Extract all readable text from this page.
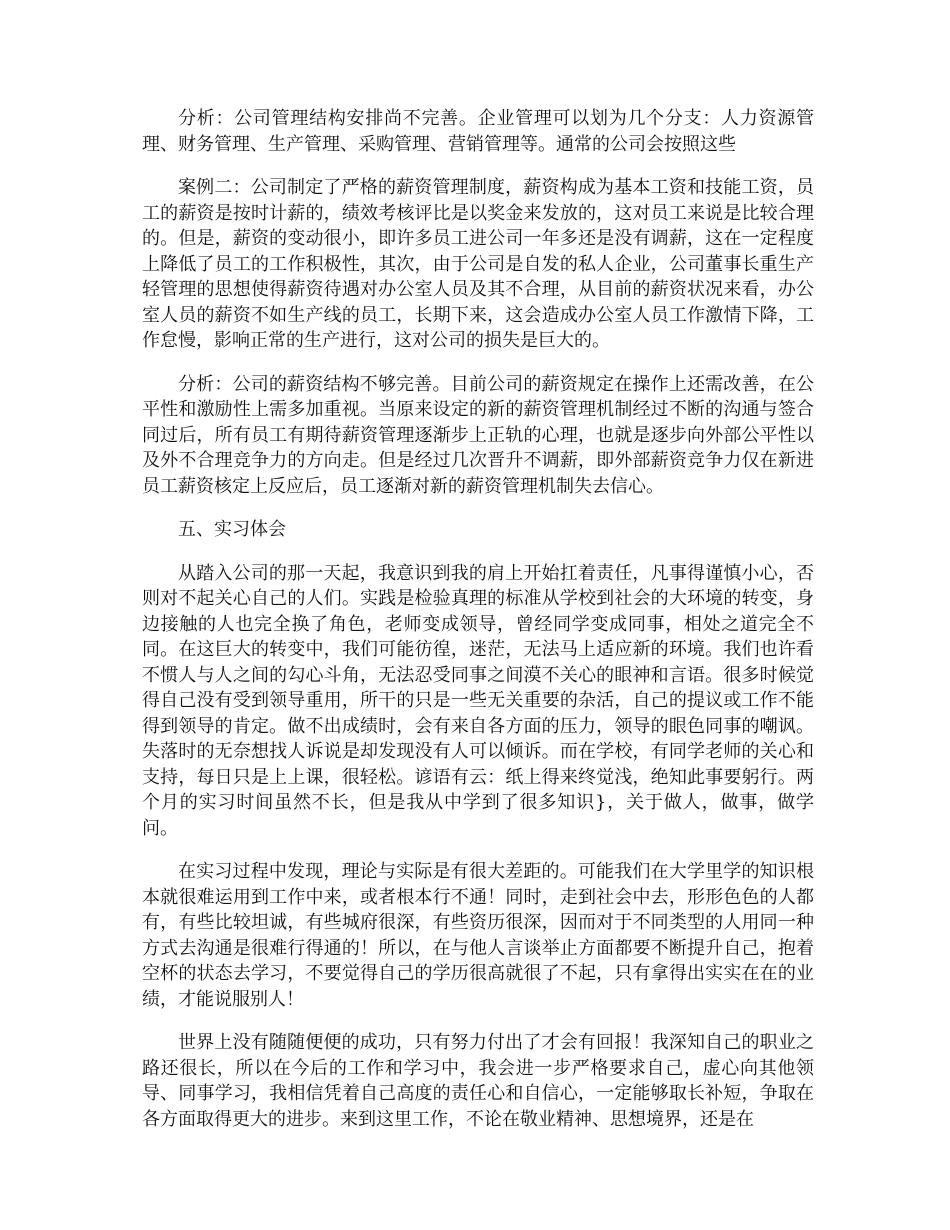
分析：公司管理结构安排尚不完善。企业管理可以划为几个分支：人力资源管理、财务管理、生产管理、采购管理、营销管理等。通常的公司会按照这些

案例二：公司制定了严格的薪资管理制度，薪资构成为基本工资和技能工资，员工的薪资是按时计薪的，绩效考核评比是以奖金来发放的，这对员工来说是比较合理的。但是，薪资的变动很小，即许多员工进公司一年多还是没有调薪，这在一定程度上降低了员工的工作积极性，其次，由于公司是自发的私人企业，公司董事长重生产轻管理的思想使得薪资待遇对办公室人员及其不合理，从目前的薪资状况来看，办公室人员的薪资不如生产线的员工，长期下来，这会造成办公室人员工作激情下降，工作怠慢，影响正常的生产进行，这对公司的损失是巨大的。

分析：公司的薪资结构不够完善。目前公司的薪资规定在操作上还需改善，在公平性和激励性上需多加重视。当原来设定的新的薪资管理机制经过不断的沟通与签合同过后，所有员工有期待薪资管理逐渐步上正轨的心理，也就是逐步向外部公平性以及外不合理竞争力的方向走。但是经过几次晋升不调薪，即外部薪资竞争力仅在新进员工薪资核定上反应后，员工逐渐对新的薪资管理机制失去信心。

五、实习体会

从踏入公司的那一天起，我意识到我的肩上开始扛着责任，凡事得谨慎小心，否则对不起关心自己的人们。实践是检验真理的标准从学校到社会的大环境的转变，身边接触的人也完全换了角色，老师变成领导，曾经同学变成同事，相处之道完全不同。在这巨大的转变中，我们可能彷徨，迷茫，无法马上适应新的环境。我们也许看不惯人与人之间的勾心斗角，无法忍受同事之间漠不关心的眼神和言语。很多时候觉得自己没有受到领导重用，所干的只是一些无关重要的杂活，自己的提议或工作不能得到领导的肯定。做不出成绩时，会有来自各方面的压力，领导的眼色同事的嘲讽。失落时的无奈想找人诉说是却发现没有人可以倾诉。而在学校，有同学老师的关心和支持，每日只是上上课，很轻松。谚语有云：纸上得来终觉浅，绝知此事要躬行。两个月的实习时间虽然不长，但是我从中学到了很多知识}，关于做人，做事，做学问。

在实习过程中发现，理论与实际是有很大差距的。可能我们在大学里学的知识根本就很难运用到工作中来，或者根本行不通！同时，走到社会中去，形形色色的人都有，有些比较坦诚，有些城府很深，有些资历很深，因而对于不同类型的人用同一种方式去沟通是很难行得通的！所以，在与他人言谈举止方面都要不断提升自己，抱着空杯的状态去学习，不要觉得自己的学历很高就很了不起，只有拿得出实实在在的业绩，才能说服别人！

世界上没有随随便便的成功，只有努力付出了才会有回报！我深知自己的职业之路还很长，所以在今后的工作和学习中，我会进一步严格要求自己，虚心向其他领导、同事学习，我相信凭着自己高度的责任心和自信心，一定能够取长补短，争取在各方面取得更大的进步。来到这里工作，不论在敬业精神、思想境界，还是在
